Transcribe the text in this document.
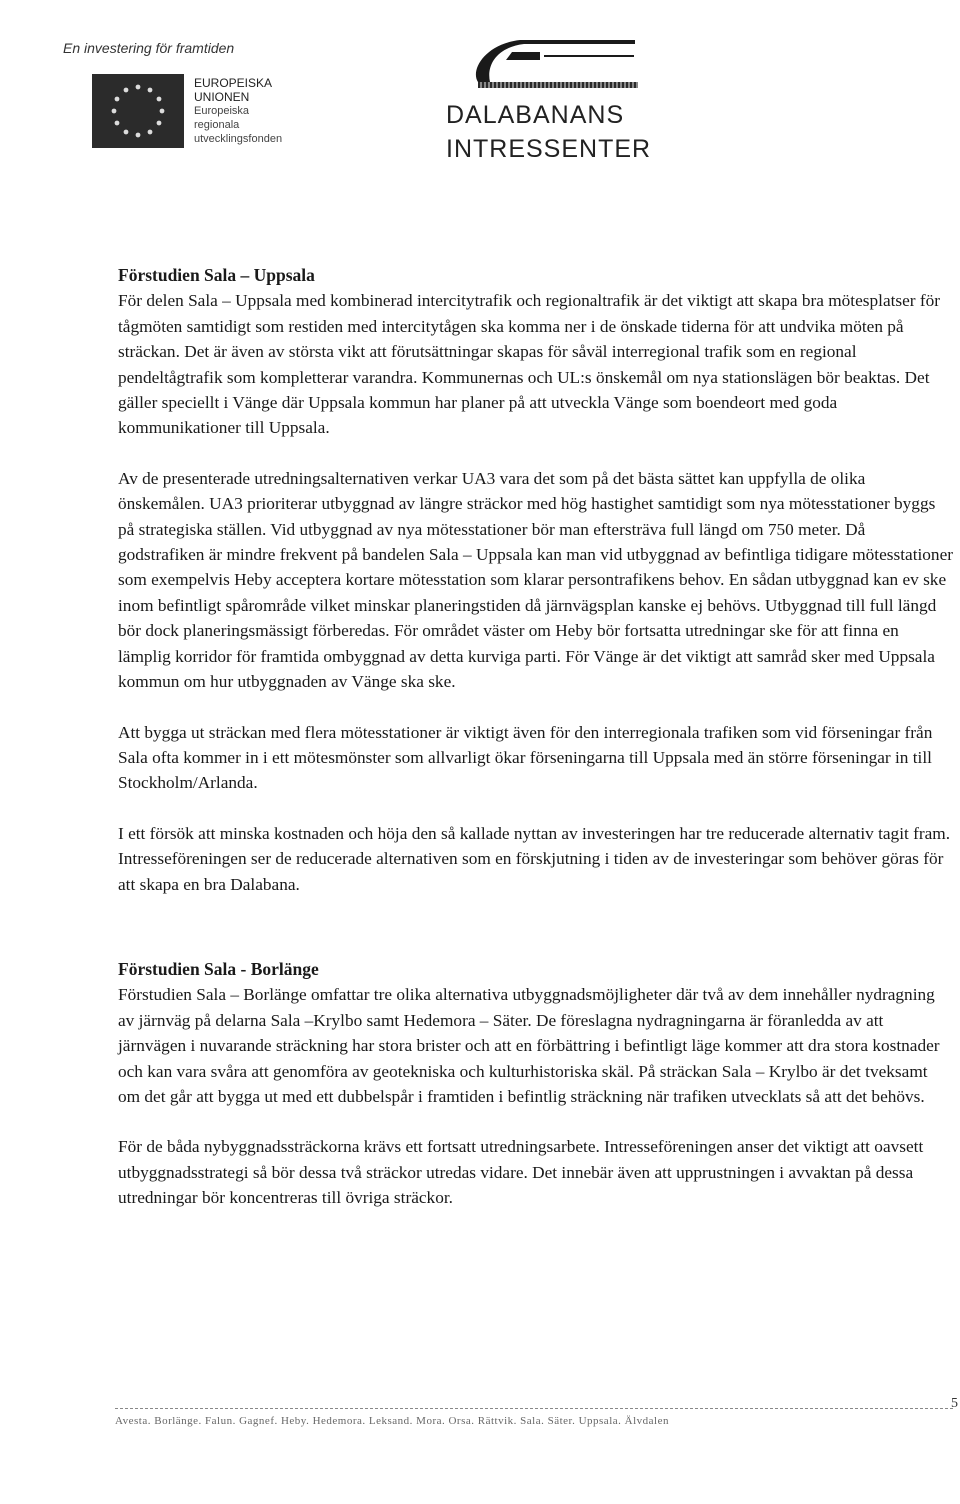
En investering för framtiden
EUROPEISKA
UNIONEN
Europeiska
regionala
utvecklingsfonden
DALABANANS
INTRESSENTER
Förstudien Sala – Uppsala

För delen Sala – Uppsala med kombinerad intercitytrafik och regionaltrafik är det viktigt att skapa bra mötesplatser för tågmöten samtidigt som restiden med intercitytågen ska komma ner i de önskade tiderna för att undvika möten på sträckan. Det är även av största vikt att förutsättningar skapas för såväl interregional trafik som en regional pendeltågtrafik som kompletterar varandra. Kommunernas och UL:s önskemål om nya stationslägen bör beaktas. Det gäller speciellt i Vänge där Uppsala kommun har planer på att utveckla Vänge som boendeort med goda kommunikationer till Uppsala.

Av de presenterade utredningsalternativen verkar UA3 vara det som på det bästa sättet kan uppfylla de olika önskemålen. UA3 prioriterar utbyggnad av längre sträckor med hög hastighet samtidigt som nya mötesstationer byggs på strategiska ställen. Vid utbyggnad av nya mötesstationer bör man eftersträva full längd om 750 meter. Då godstrafiken är mindre frekvent på bandelen Sala – Uppsala kan man vid utbyggnad av befintliga tidigare mötesstationer som exempelvis Heby acceptera kortare mötesstation som klarar persontrafikens behov. En sådan utbyggnad kan ev ske inom befintligt spårområde vilket minskar planeringstiden då järnvägsplan kanske ej behövs. Utbyggnad till full längd bör dock planeringsmässigt förberedas. För området väster om Heby bör fortsatta utredningar ske för att finna en lämplig korridor för framtida ombyggnad av detta kurviga parti. För Vänge är det viktigt att samråd sker med Uppsala kommun om hur utbyggnaden av Vänge ska ske.

Att bygga ut sträckan med flera mötesstationer är viktigt även för den interregionala trafiken som vid förseningar från Sala ofta kommer in i ett mötesmönster som allvarligt ökar förseningarna till Uppsala med än större förseningar in till Stockholm/Arlanda.

I ett försök att minska kostnaden och höja den så kallade nyttan av investeringen har tre reducerade alternativ tagit fram. Intresseföreningen ser de reducerade alternativen som en förskjutning i tiden av de investeringar som behöver göras för att skapa en bra Dalabana.

Förstudien Sala - Borlänge

Förstudien Sala – Borlänge omfattar tre olika alternativa utbyggnadsmöjligheter där två av dem innehåller nydragning av järnväg på delarna Sala –Krylbo samt Hedemora – Säter. De föreslagna nydragningarna är föranledda av att järnvägen i nuvarande sträckning har stora brister och att en förbättring i befintligt läge kommer att dra stora kostnader och kan vara svåra att genomföra av geotekniska och kulturhistoriska skäl. På sträckan Sala – Krylbo är det tveksamt om det går att bygga ut med ett dubbelspår i framtiden i befintlig sträckning när trafiken utvecklats så att det behövs.

För de båda nybyggnadssträckorna krävs ett fortsatt utredningsarbete. Intresseföreningen anser det viktigt att oavsett utbyggnadsstrategi så bör dessa två sträckor utredas vidare. Det innebär även att upprustningen i avvaktan på dessa utredningar bör koncentreras till övriga sträckor.

5
Avesta. Borlänge. Falun. Gagnef. Heby. Hedemora. Leksand. Mora. Orsa. Rättvik. Sala. Säter. Uppsala. Älvdalen
